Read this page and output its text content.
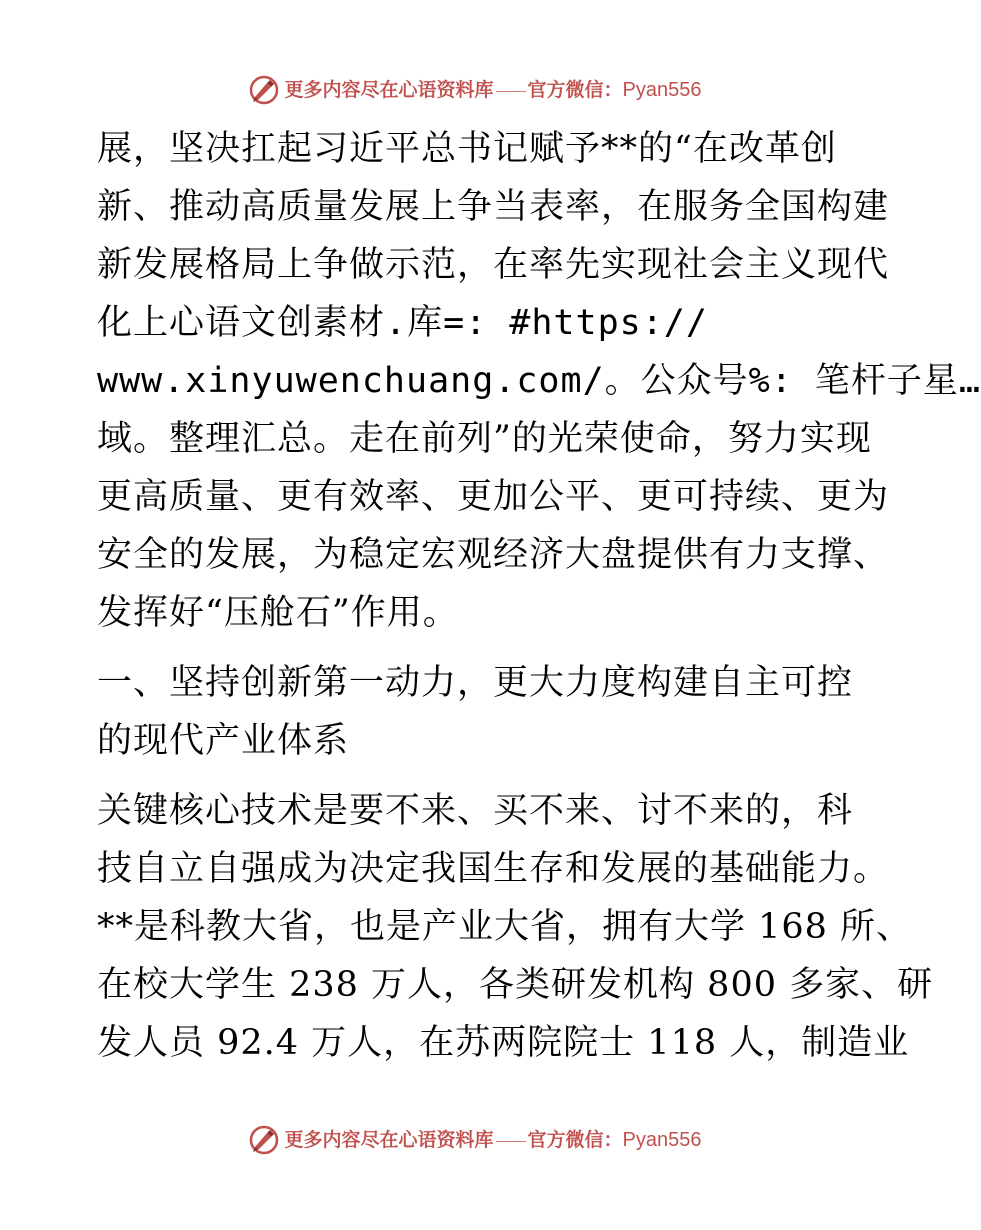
更多内容尽在心语资料库 官方微信： Pyan556
展，坚决扛起习近平总书记赋予**的“在改革创
新、推动高质量发展上争当表率，在服务全国构建
新发展格局上争做示范，在率先实现社会主义现代
化上心语文创素材.库=: #https://
www.xinyuwenchuang.com/。公众号%: 笔杆子星…
域。整理汇总。走在前列”的光荣使命，努力实现
更高质量、更有效率、更加公平、更可持续、更为
安全的发展，为稳定宏观经济大盘提供有力支撑、
发挥好“压舱石”作用。
一、坚持创新第一动力，更大力度构建自主可控
的现代产业体系
关键核心技术是要不来、买不来、讨不来的，科
技自立自强成为决定我国生存和发展的基础能力。
**是科教大省，也是产业大省，拥有大学 168 所、
在校大学生 238 万人，各类研发机构 800 多家、研
发人员 92.4 万人，在苏两院院士 118 人，制造业
更多内容尽在心语资料库 官方微信： Pyan556
